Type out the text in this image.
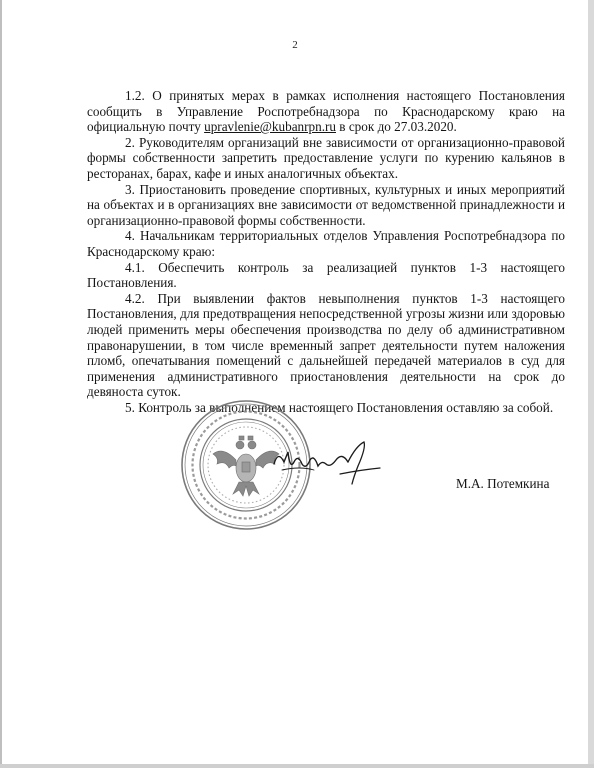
2

1.2. О принятых мерах в рамках исполнения настоящего Постановления сообщить в Управление Роспотребнадзора по Краснодарскому краю на официальную почту upravlenie@kubanrpn.ru в срок до 27.03.2020.

2. Руководителям организаций вне зависимости от организационно-правовой формы собственности запретить предоставление услуги по курению кальянов в ресторанах, барах, кафе и иных аналогичных объектах.

3. Приостановить проведение спортивных, культурных и иных мероприятий на объектах и в организациях вне зависимости от ведомственной принадлежности и организационно-правовой формы собственности.

4. Начальникам территориальных отделов Управления Роспотребнадзора по Краснодарскому краю:

4.1. Обеспечить контроль за реализацией пунктов 1-3 настоящего Постановления.

4.2. При выявлении фактов невыполнения пунктов 1-3 настоящего Постановления, для предотвращения непосредственной угрозы жизни или здоровью людей применить меры обеспечения производства по делу об административном правонарушении, в том числе временный запрет деятельности путем наложения пломб, опечатывания помещений с дальнейшей передачей материалов в суд для применения административного приостановления деятельности на срок до девяноста суток.

5. Контроль за выполнением настоящего Постановления оставляю за собой.

М.А. Потемкина
